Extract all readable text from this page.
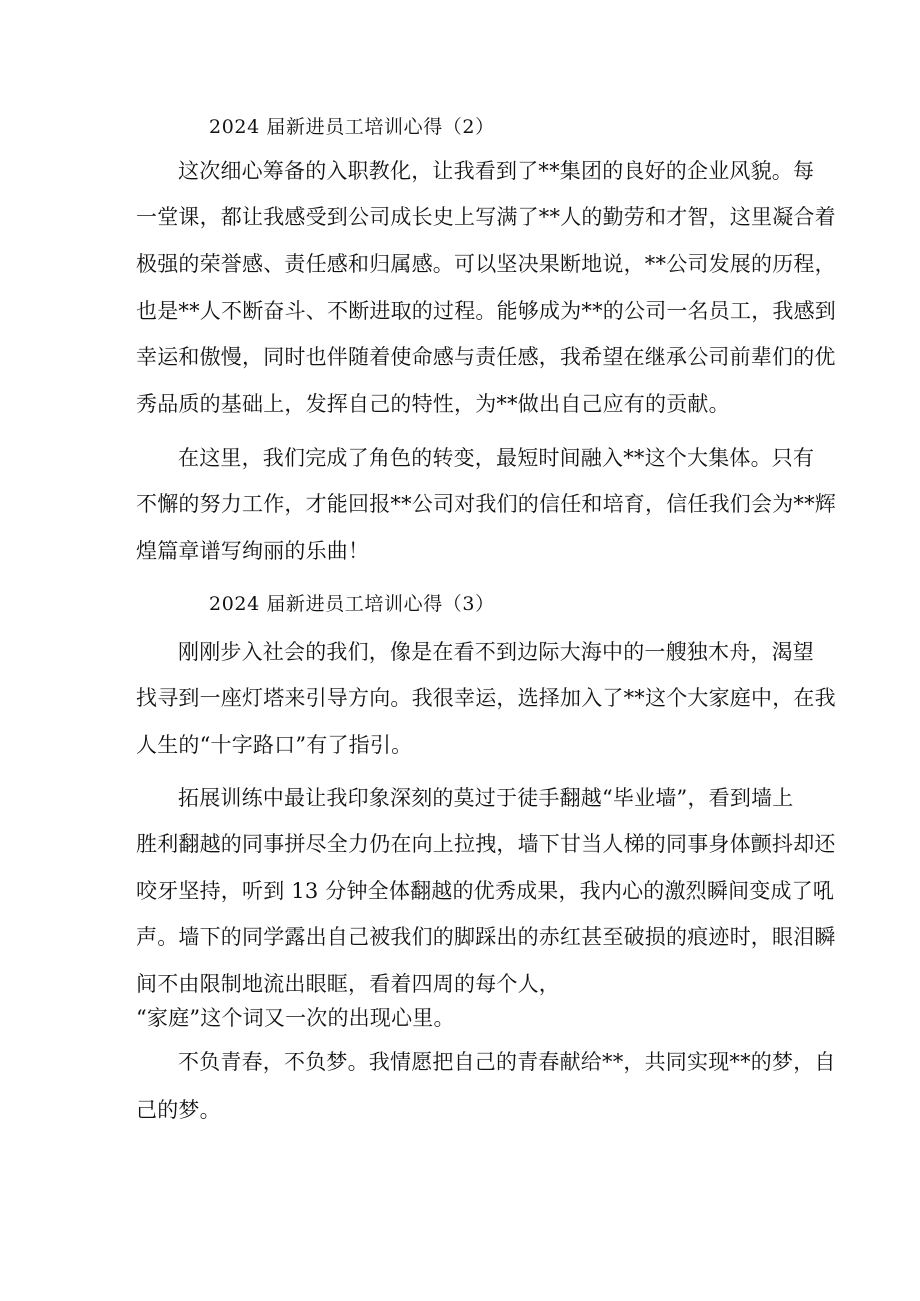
2024 届新进员工培训心得（2）
这次细心筹备的入职教化，让我看到了**集团的良好的企业风貌。每
一堂课，都让我感受到公司成长史上写满了**人的勤劳和才智，这里凝合着
极强的荣誉感、责任感和归属感。可以坚决果断地说，**公司发展的历程，
也是**人不断奋斗、不断进取的过程。能够成为**的公司一名员工，我感到
幸运和傲慢，同时也伴随着使命感与责任感，我希望在继承公司前辈们的优
秀品质的基础上，发挥自己的特性，为**做出自己应有的贡献。
在这里，我们完成了角色的转变，最短时间融入**这个大集体。只有
不懈的努力工作，才能回报**公司对我们的信任和培育，信任我们会为**辉
煌篇章谱写绚丽的乐曲！
2024 届新进员工培训心得（3）
刚刚步入社会的我们，像是在看不到边际大海中的一艘独木舟，渴望
找寻到一座灯塔来引导方向。我很幸运，选择加入了**这个大家庭中，在我
人生的“十字路口”有了指引。
拓展训练中最让我印象深刻的莫过于徒手翻越“毕业墙”，看到墙上
胜利翻越的同事拼尽全力仍在向上拉拽，墙下甘当人梯的同事身体颤抖却还
咬牙坚持，听到 13 分钟全体翻越的优秀成果，我内心的激烈瞬间变成了吼
声。墙下的同学露出自己被我们的脚踩出的赤红甚至破损的痕迹时，眼泪瞬
间不由限制地流出眼眶，看着四周的每个人，
“家庭”这个词又一次的出现心里。
不负青春，不负梦。我情愿把自己的青春献给**，共同实现**的梦，自
己的梦。
